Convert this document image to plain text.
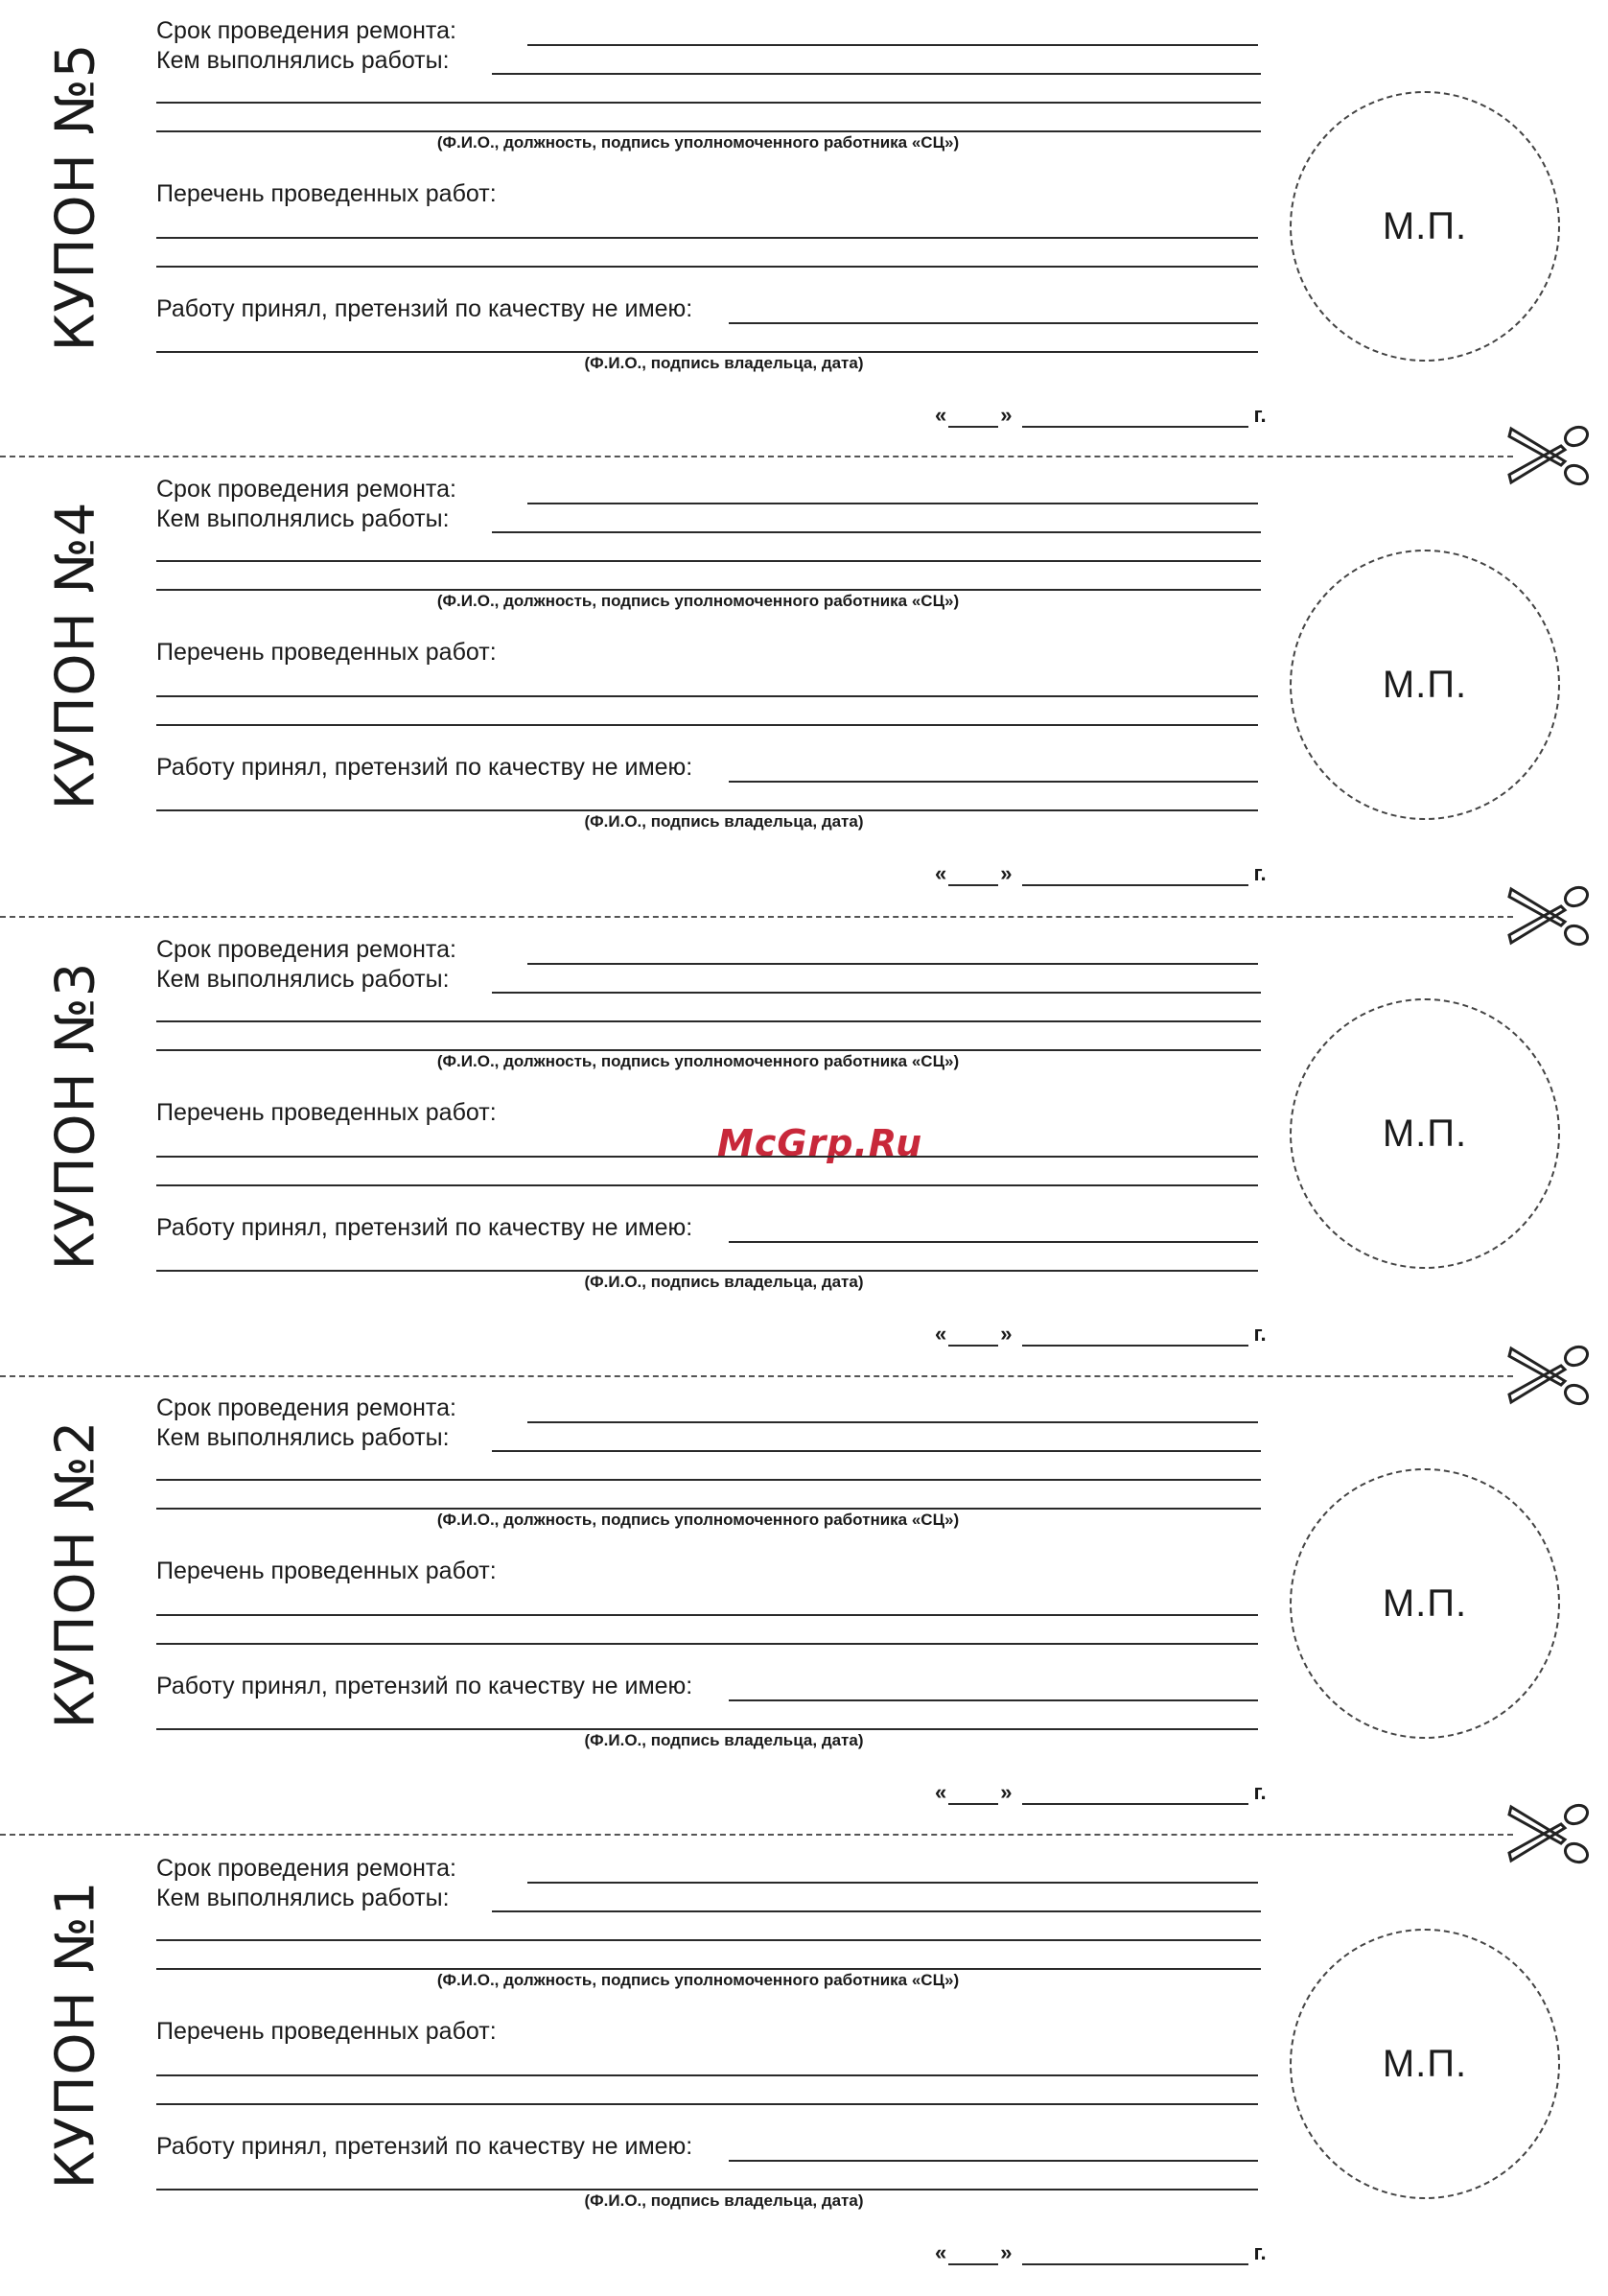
КУПОН №5
Срок проведения ремонта:
Кем выполнялись работы:
(Ф.И.О., должность, подпись уполномоченного работника «СЦ»)
Перечень проведенных работ:
Работу принял, претензий по качеству не имею:
(Ф.И.О., подпись владельца, дата)
М.П.
«	»	г.
КУПОН №4
Срок проведения ремонта:
Кем выполнялись работы:
(Ф.И.О., должность, подпись уполномоченного работника «СЦ»)
Перечень проведенных работ:
Работу принял, претензий по качеству не имею:
(Ф.И.О., подпись владельца, дата)
М.П.
«	»	г.
КУПОН №3
Срок проведения ремонта:
Кем выполнялись работы:
(Ф.И.О., должность, подпись уполномоченного работника «СЦ»)
Перечень проведенных работ:
Работу принял, претензий по качеству не имею:
(Ф.И.О., подпись владельца, дата)
М.П.
«	»	г.
КУПОН №2
Срок проведения ремонта:
Кем выполнялись работы:
(Ф.И.О., должность, подпись уполномоченного работника «СЦ»)
Перечень проведенных работ:
Работу принял, претензий по качеству не имею:
(Ф.И.О., подпись владельца, дата)
М.П.
«	»	г.
КУПОН №1
Срок проведения ремонта:
Кем выполнялись работы:
(Ф.И.О., должность, подпись уполномоченного работника «СЦ»)
Перечень проведенных работ:
Работу принял, претензий по качеству не имею:
(Ф.И.О., подпись владельца, дата)
М.П.
«	»	г.
McGrp.Ru
